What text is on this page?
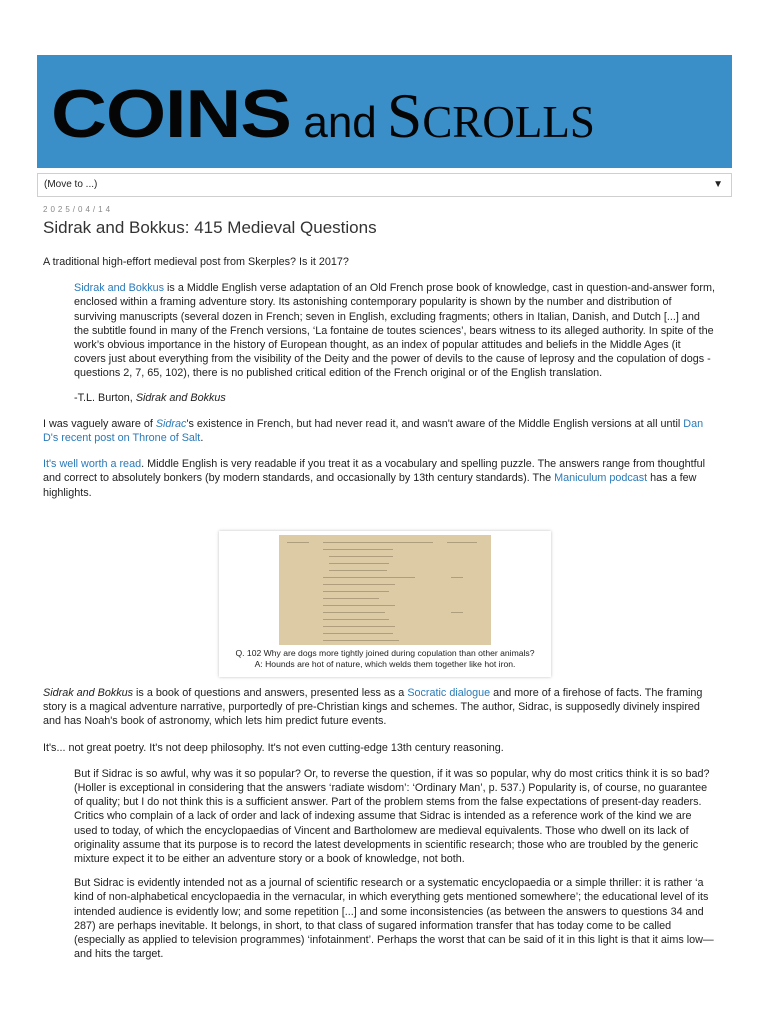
COINS and Scrolls
(Move to ...)	▼
2025/04/14
Sidrak and Bokkus: 415 Medieval Questions

A traditional high-effort medieval post from Skerples? Is it 2017?

Sidrak and Bokkus is a Middle English verse adaptation of an Old French prose book of knowledge, cast in question-and-answer form, enclosed within a framing adventure story. Its astonishing contemporary popularity is shown by the number and distribution of surviving manuscripts (several dozen in French; seven in English, excluding fragments; others in Italian, Danish, and Dutch [...] and the subtitle found in many of the French versions, ‘La fontaine de toutes sciences’, bears witness to its alleged authority. In spite of the work’s obvious importance in the history of European thought, as an index of popular attitudes and beliefs in the Middle Ages (it covers just about everything from the visibility of the Deity and the power of devils to the cause of leprosy and the copulation of dogs - questions 2, 7, 65, 102), there is no published critical edition of the French original or of the English translation.

-T.L. Burton, Sidrak and Bokkus

I was vaguely aware of Sidrac's existence in French, but had never read it, and wasn't aware of the Middle English versions at all until Dan D's recent post on Throne of Salt.

It's well worth a read. Middle English is very readable if you treat it as a vocabulary and spelling puzzle. The answers range from thoughtful and correct to absolutely bonkers (by modern standards, and occasionally by 13th century standards). The Maniculum podcast has a few highlights.

Q. 102 Why are dogs more tightly joined during copulation than other animals?
A: Hounds are hot of nature, which welds them together like hot iron.

Sidrak and Bokkus is a book of questions and answers, presented less as a Socratic dialogue and more of a firehose of facts. The framing story is a magical adventure narrative, purportedly of pre-Christian kings and schemes. The author, Sidrac, is supposedly divinely inspired and has Noah's book of astronomy, which lets him predict future events.

It's... not great poetry. It's not deep philosophy. It's not even cutting-edge 13th century reasoning.

But if Sidrac is so awful, why was it so popular? Or, to reverse the question, if it was so popular, why do most critics think it is so bad? (Holler is exceptional in considering that the answers ‘radiate wisdom’: ‘Ordinary Man’, p. 537.) Popularity is, of course, no guarantee of quality; but I do not think this is a sufficient answer. Part of the problem stems from the false expectations of present-day readers. Critics who complain of a lack of order and lack of indexing assume that Sidrac is intended as a reference work of the kind we are used to today, of which the encyclopaedias of Vincent and Bartholomew are medieval equivalents. Those who dwell on its lack of originality assume that its purpose is to record the latest developments in scientific research; those who are troubled by the generic mixture expect it to be either an adventure story or a book of knowledge, not both.

But Sidrac is evidently intended not as a journal of scientific research or a systematic encyclopaedia or a simple thriller: it is rather ‘a kind of non-alphabetical encyclopaedia in the vernacular, in which everything gets mentioned somewhere’; the educational level of its intended audience is evidently low; and some repetition [...] and some inconsistencies (as between the answers to questions 34 and 287) are perhaps inevitable. It belongs, in short, to that class of sugared information transfer that has today come to be called (especially as applied to television programmes) ‘infotainment’. Perhaps the worst that can be said of it in this light is that it aims low—and hits the target.
